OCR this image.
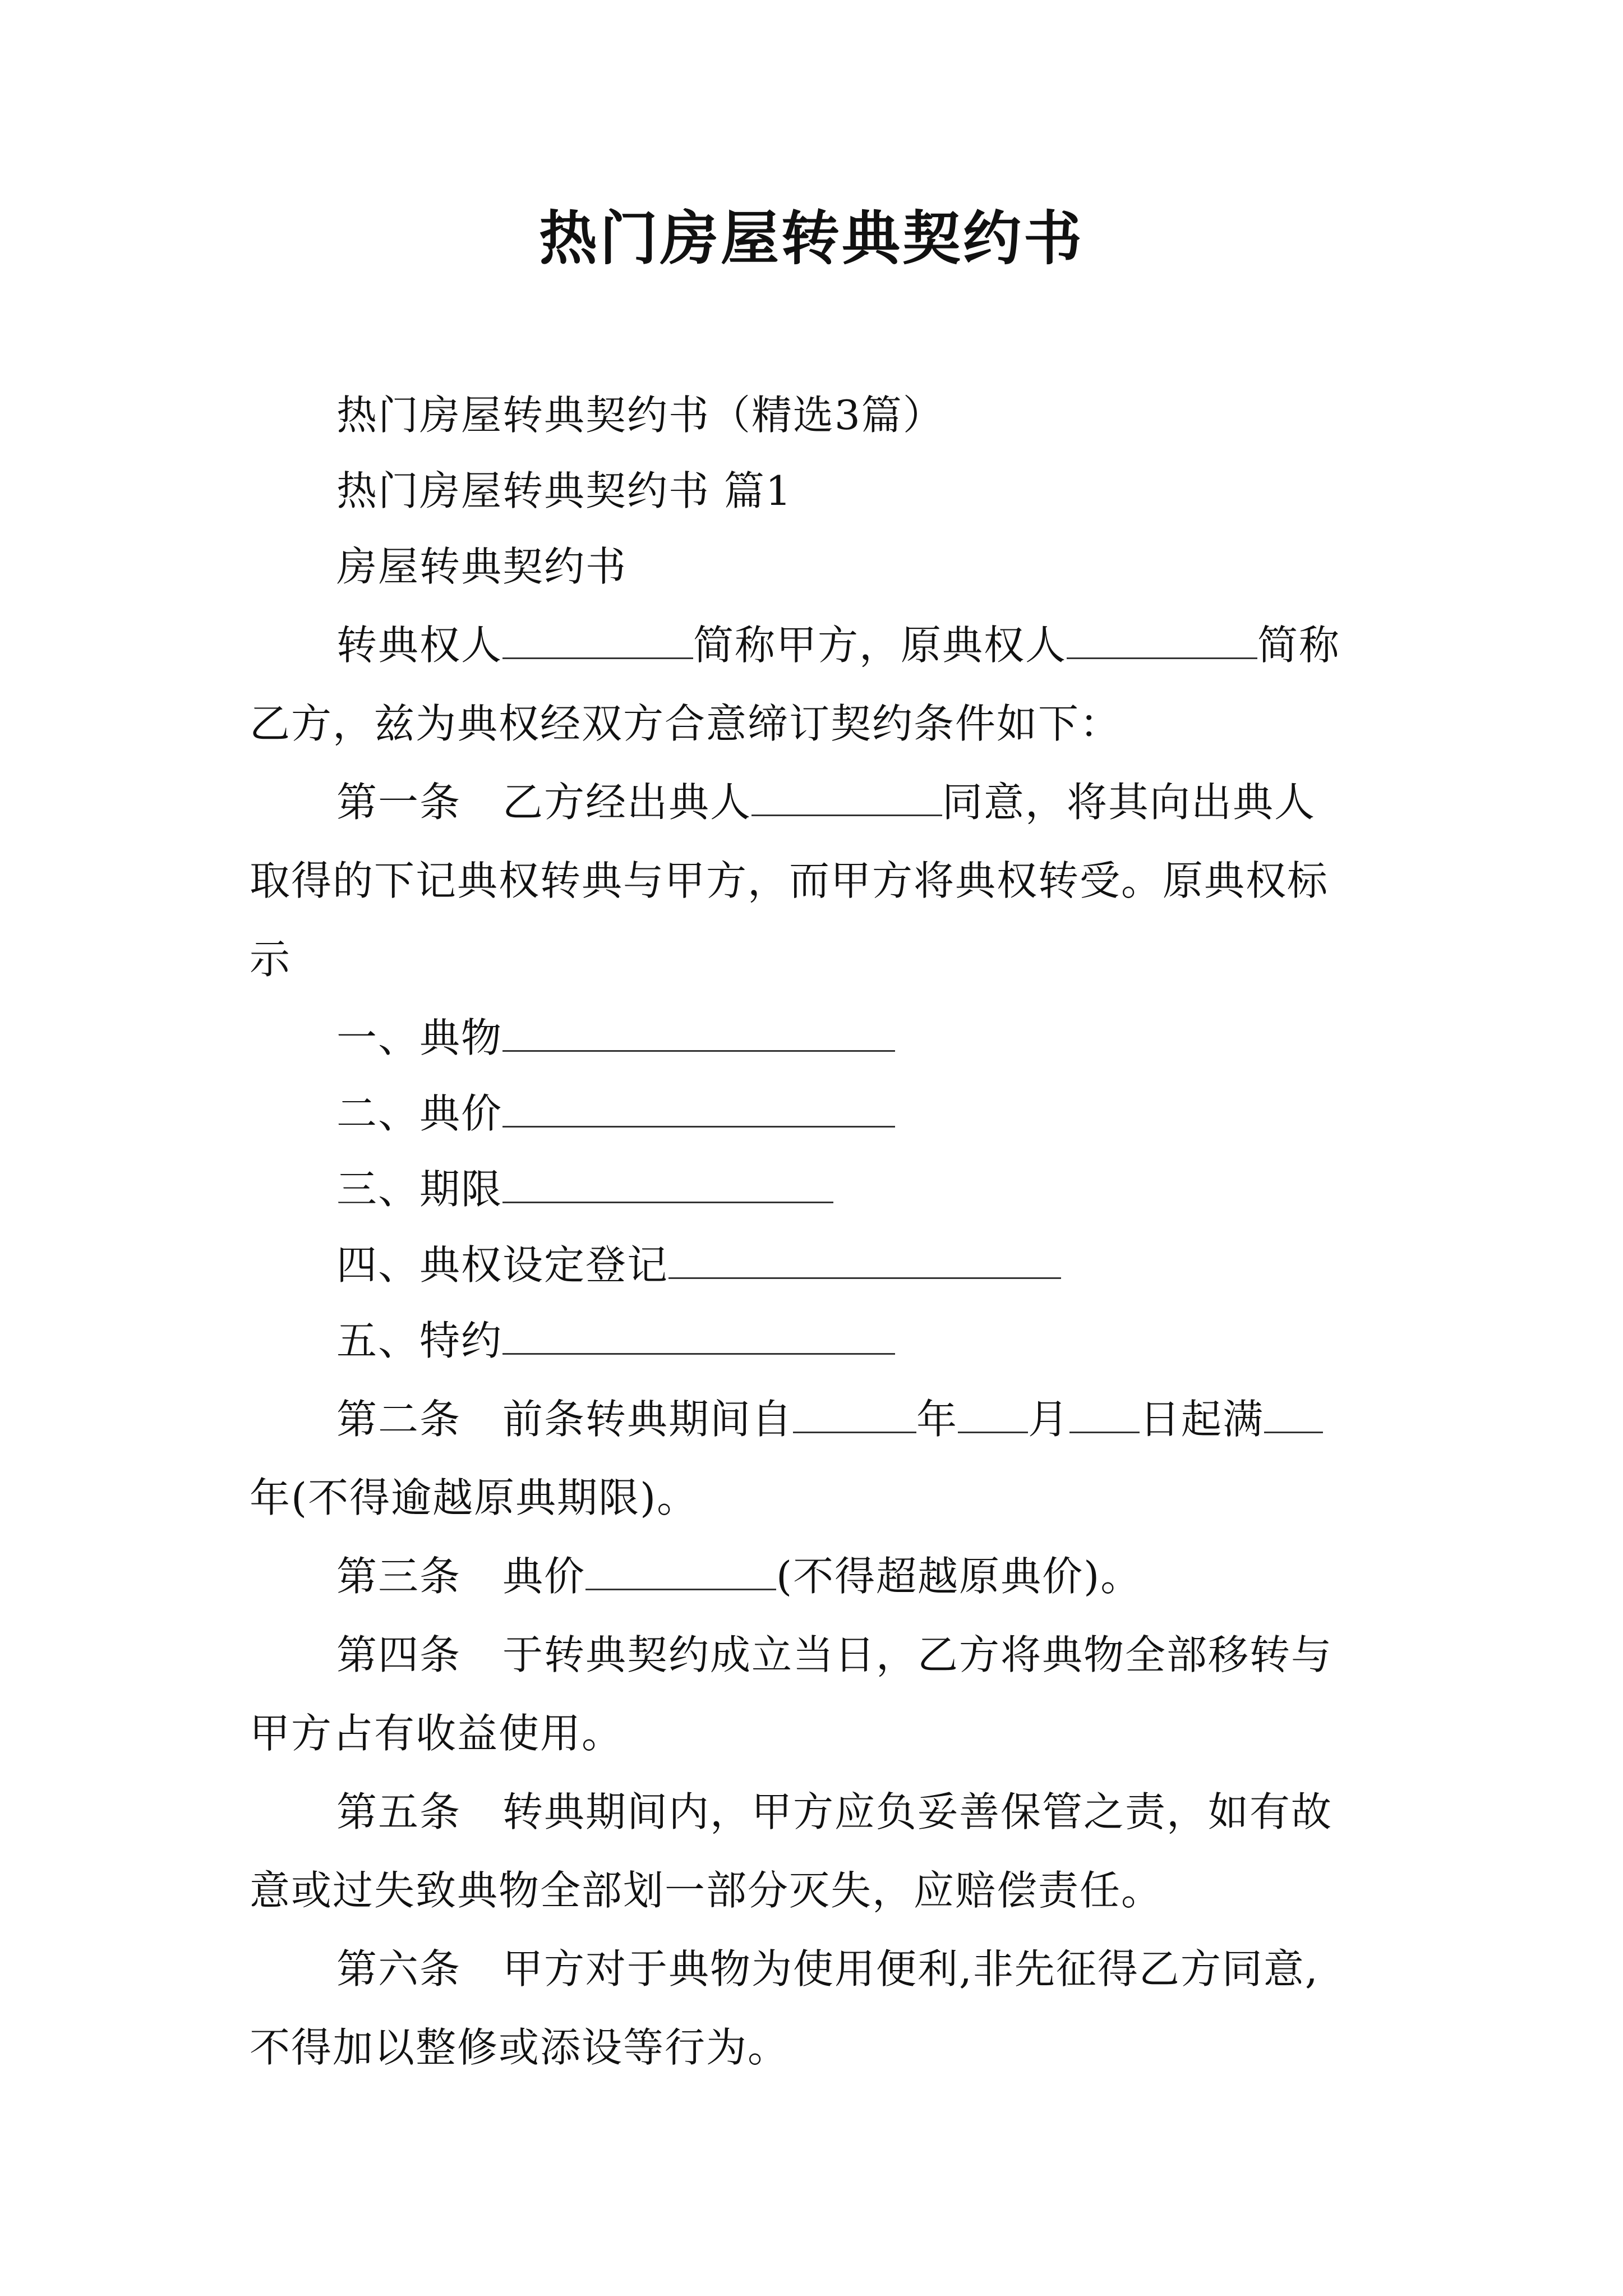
热门房屋转典契约书
热门房屋转典契约书（精选3篇）
热门房屋转典契约书 篇1
房屋转典契约书
转典权人	简称甲方，原典权人	简称
乙方，兹为典权经双方合意缔订契约条件如下：
第一条　乙方经出典人	同意，将其向出典人
取得的下记典权转典与甲方，而甲方将典权转受。原典权标
示
一、典物
二、典价
三、期限
四、典权设定登记
五、特约
第二条　前条转典期间自	年 月 日起满
年(不得逾越原典期限)。
第三条　典价	(不得超越原典价)。
第四条　于转典契约成立当日，乙方将典物全部移转与
甲方占有收益使用。
第五条　转典期间内，甲方应负妥善保管之责，如有故
意或过失致典物全部划一部分灭失，应赔偿责任。
第六条　甲方对于典物为使用便利,非先征得乙方同意,
不得加以整修或添设等行为。
